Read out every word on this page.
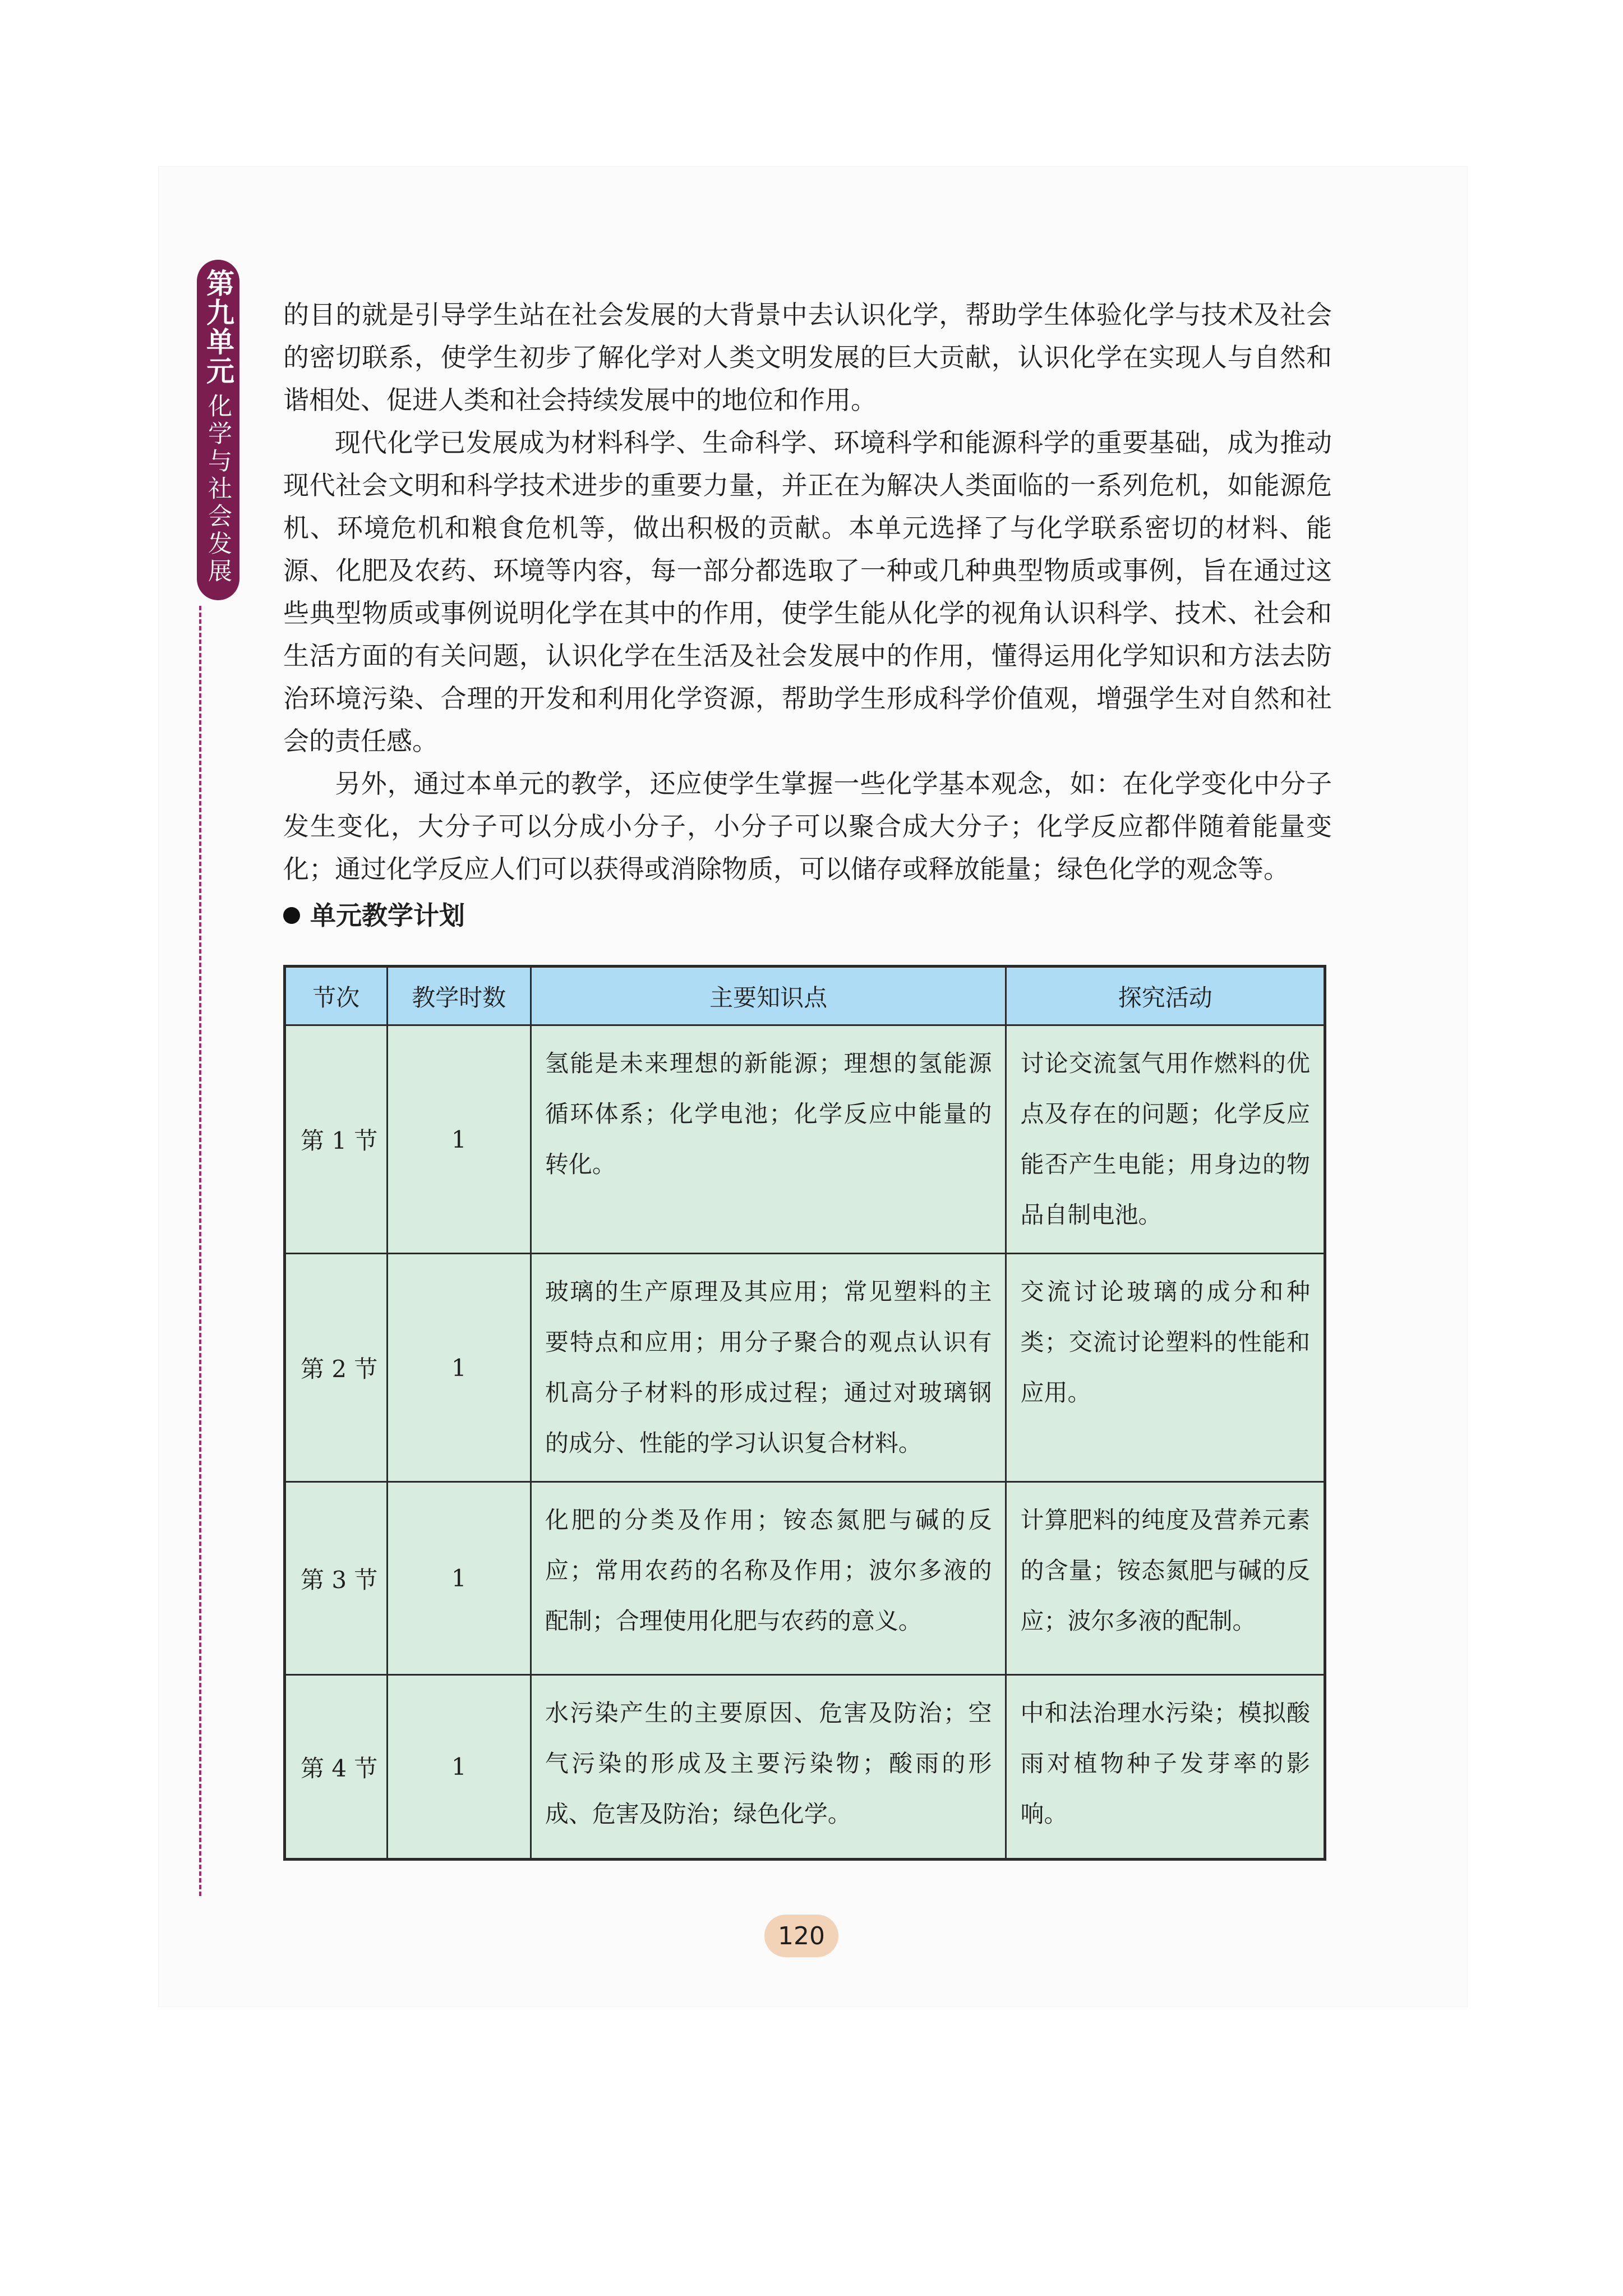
第九单元
化学与社会发展

的目的就是引导学生站在社会发展的大背景中去认识化学，帮助学生体验化学与技术及社会的密切联系，使学生初步了解化学对人类文明发展的巨大贡献，认识化学在实现人与自然和谐相处、促进人类和社会持续发展中的地位和作用。

现代化学已发展成为材料科学、生命科学、环境科学和能源科学的重要基础，成为推动现代社会文明和科学技术进步的重要力量，并正在为解决人类面临的一系列危机，如能源危机、环境危机和粮食危机等，做出积极的贡献。本单元选择了与化学联系密切的材料、能源、化肥及农药、环境等内容，每一部分都选取了一种或几种典型物质或事例，旨在通过这些典型物质或事例说明化学在其中的作用，使学生能从化学的视角认识科学、技术、社会和生活方面的有关问题，认识化学在生活及社会发展中的作用，懂得运用化学知识和方法去防治环境污染、合理的开发和利用化学资源，帮助学生形成科学价值观，增强学生对自然和社会的责任感。

另外，通过本单元的教学，还应使学生掌握一些化学基本观念，如：在化学变化中分子发生变化，大分子可以分成小分子，小分子可以聚合成大分子；化学反应都伴随着能量变化；通过化学反应人们可以获得或消除物质，可以储存或释放能量；绿色化学的观念等。

单元教学计划
节次	教学时数	主要知识点	探究活动
第 1 节	1	氢能是未来理想的新能源；理想的氢能源循环体系；化学电池；化学反应中能量的转化。	讨论交流氢气用作燃料的优点及存在的问题；化学反应能否产生电能；用身边的物品自制电池。
第 2 节	1	玻璃的生产原理及其应用；常见塑料的主要特点和应用；用分子聚合的观点认识有机高分子材料的形成过程；通过对玻璃钢的成分、性能的学习认识复合材料。	交流讨论玻璃的成分和种类；交流讨论塑料的性能和应用。
第 3 节	1	化肥的分类及作用；铵态氮肥与碱的反应；常用农药的名称及作用；波尔多液的配制；合理使用化肥与农药的意义。	计算肥料的纯度及营养元素的含量；铵态氮肥与碱的反应；波尔多液的配制。
第 4 节	1	水污染产生的主要原因、危害及防治；空气污染的形成及主要污染物；酸雨的形成、危害及防治；绿色化学。	中和法治理水污染；模拟酸雨对植物种子发芽率的影响。
120
